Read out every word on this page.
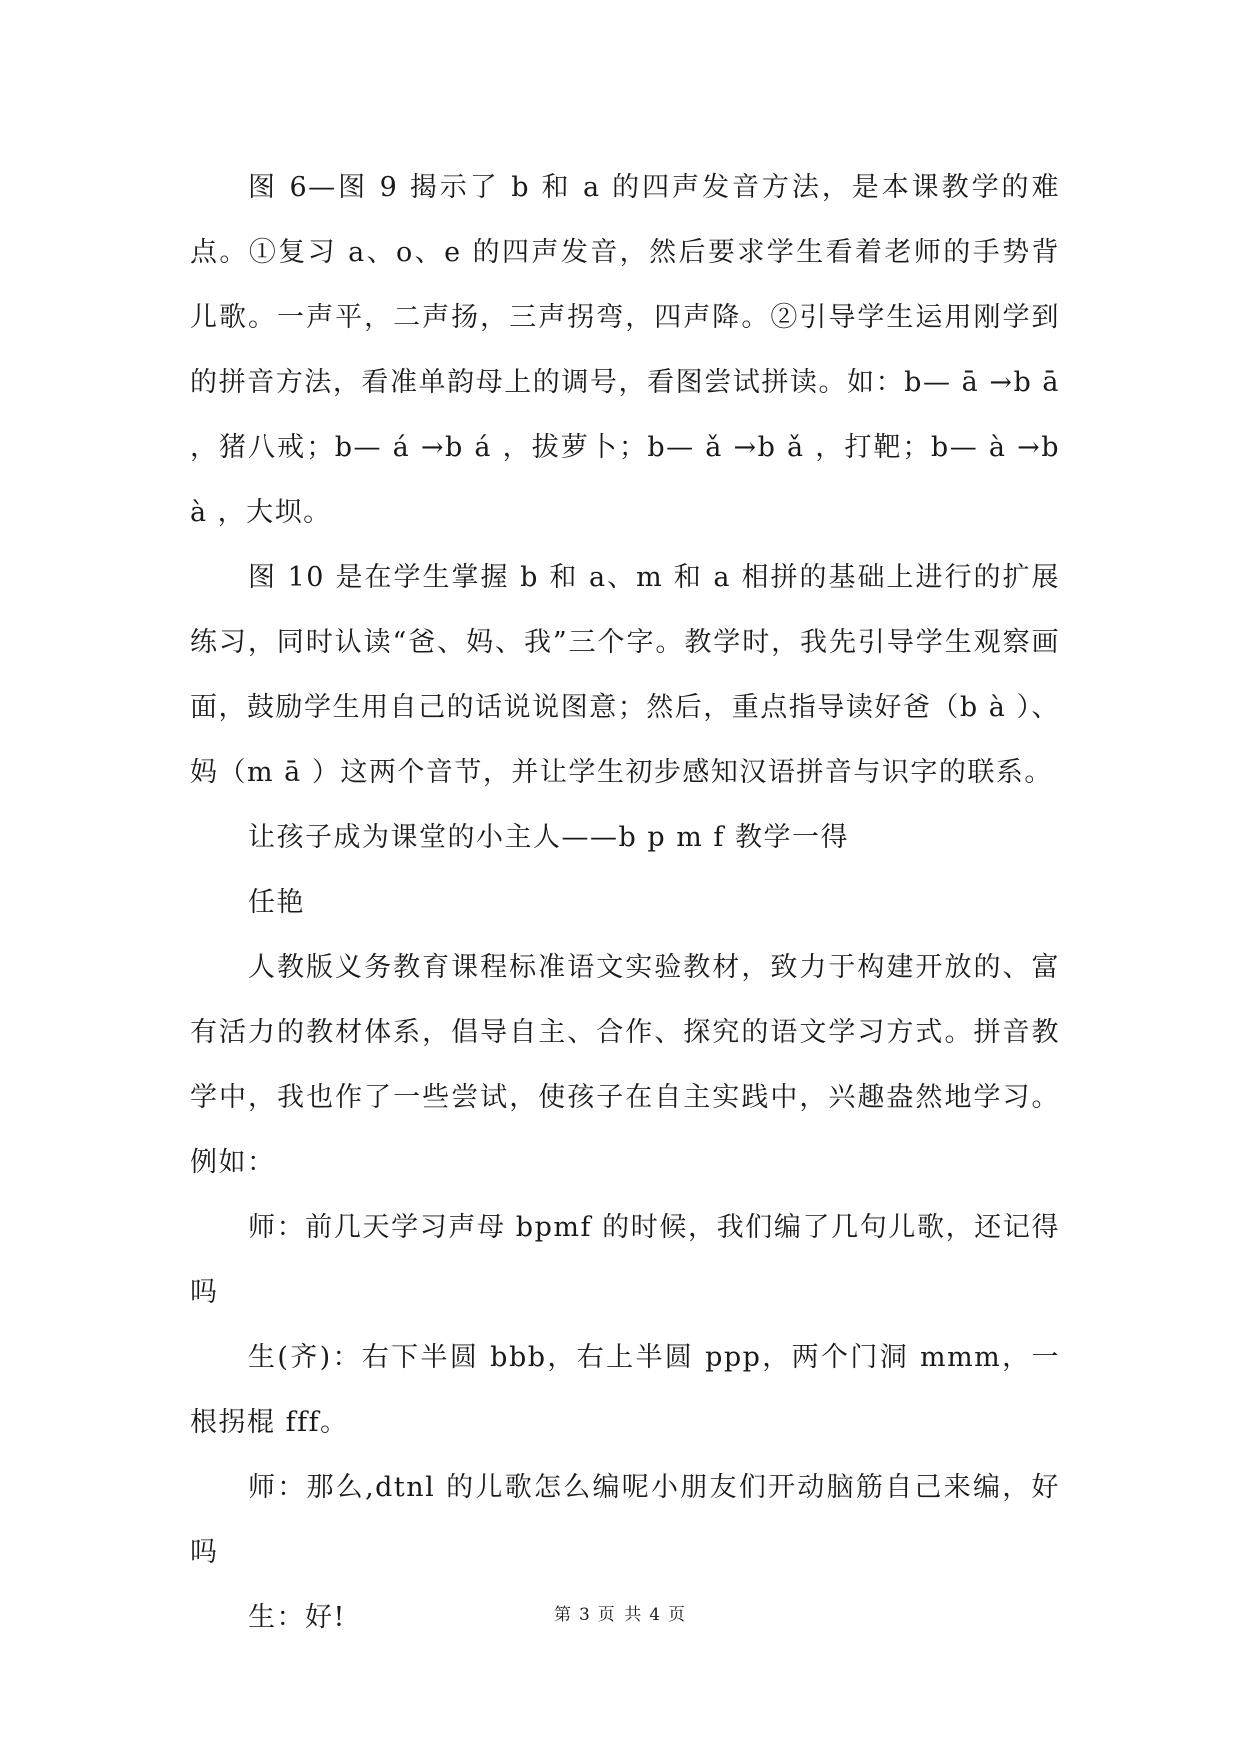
图 6—图 9 揭示了 b 和 a 的四声发音方法，是本课教学的难点。①复习 a、o、e 的四声发音，然后要求学生看着老师的手势背儿歌。一声平，二声扬，三声拐弯，四声降。②引导学生运用刚学到的拼音方法，看准单韵母上的调号，看图尝试拼读。如：b— ā →b ā ，猪八戒；b— á →b á ，拔萝卜；b— ǎ →b ǎ ，打靶；b— à →b à ，大坝。

图 10 是在学生掌握 b 和 a、m 和 a 相拼的基础上进行的扩展练习，同时认读“爸、妈、我”三个字。教学时，我先引导学生观察画面，鼓励学生用自己的话说说图意；然后，重点指导读好爸（b à ）、妈（m ā ）这两个音节，并让学生初步感知汉语拼音与识字的联系。

让孩子成为课堂的小主人——b p m f 教学一得

任艳

人教版义务教育课程标准语文实验教材，致力于构建开放的、富有活力的教材体系，倡导自主、合作、探究的语文学习方式。拼音教学中，我也作了一些尝试，使孩子在自主实践中，兴趣盎然地学习。例如：

师：前几天学习声母 bpmf 的时候，我们编了几句儿歌，还记得吗

生(齐)：右下半圆 bbb，右上半圆 ppp，两个门洞 mmm，一根拐棍 fff。

师：那么,dtnl 的儿歌怎么编呢小朋友们开动脑筋自己来编，好吗

生：好!	第 3 页 共 4 页
